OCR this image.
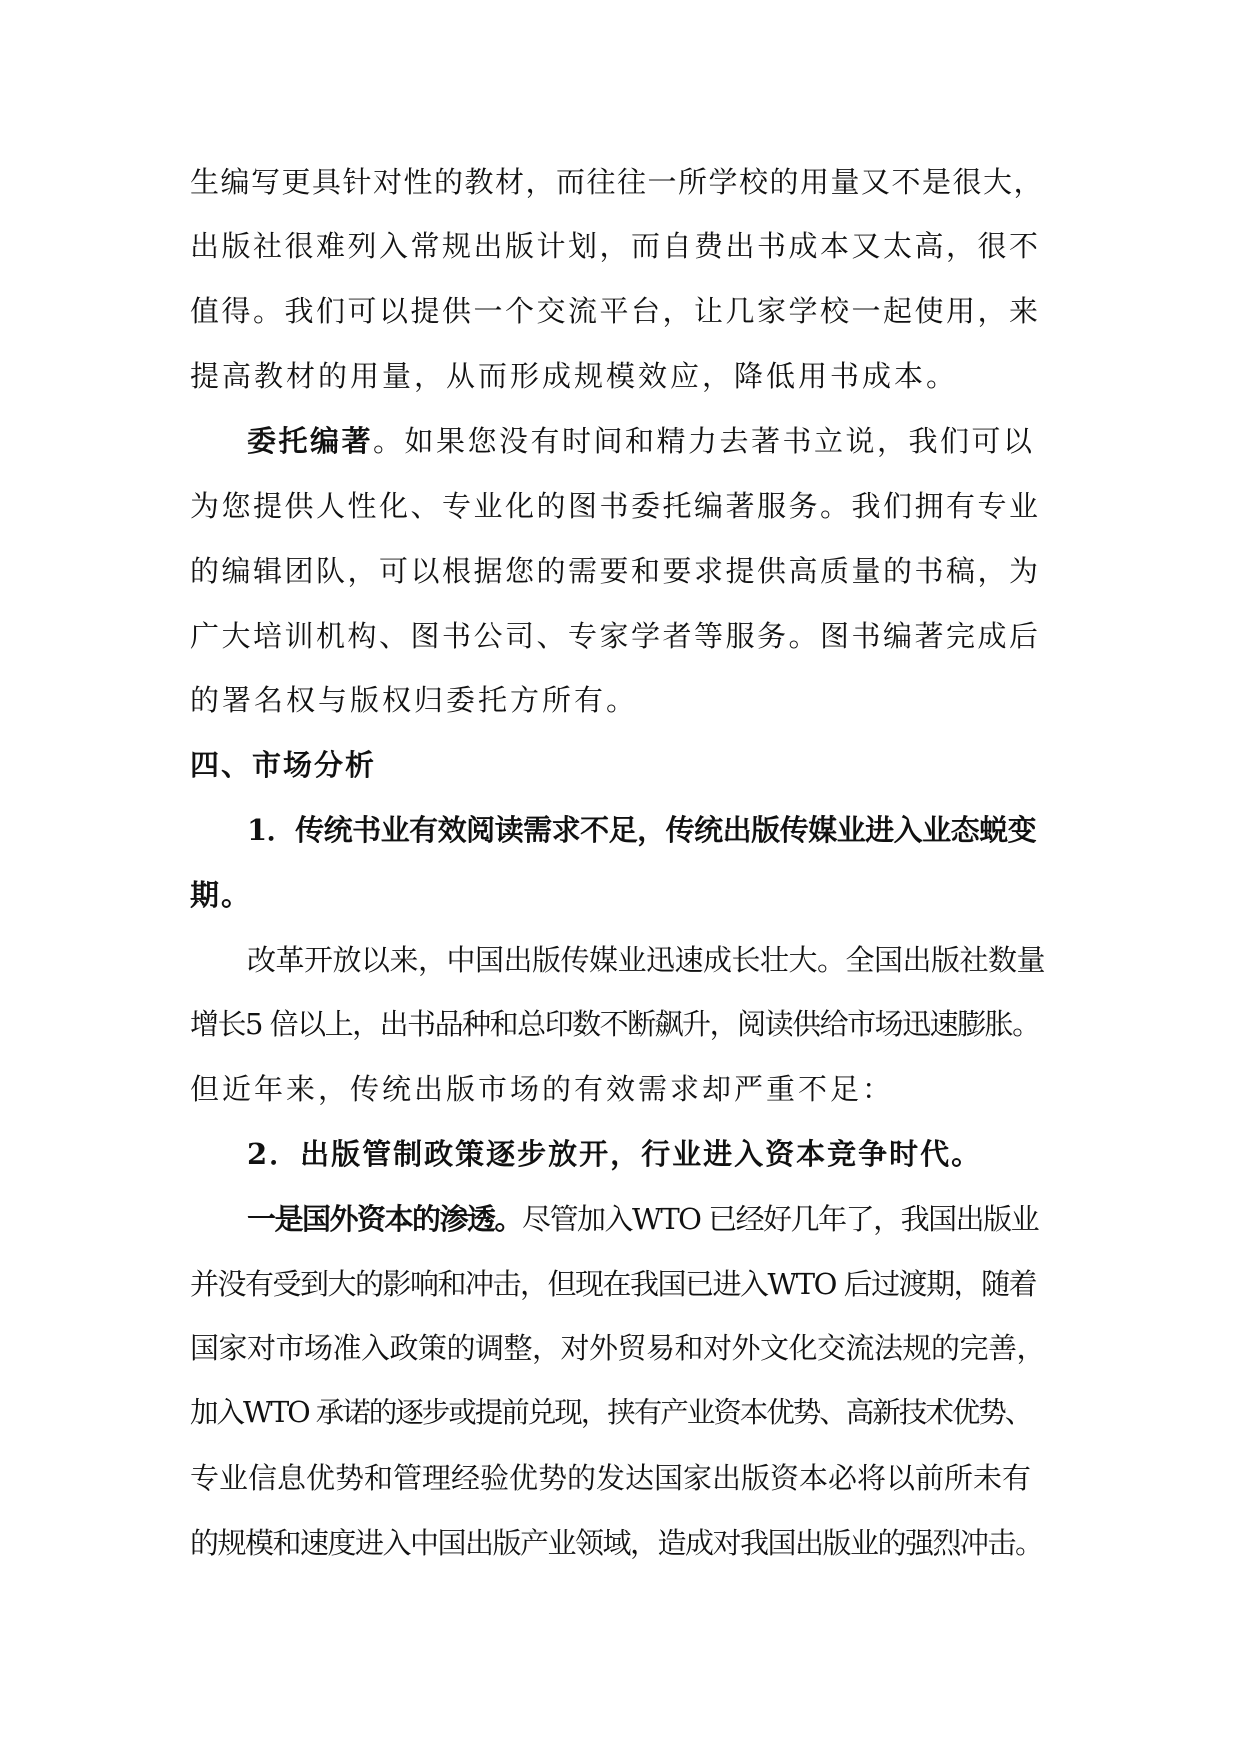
生编写更具针对性的教材，而往往一所学校的用量又不是很大，
出版社很难列入常规出版计划，而自费出书成本又太高，很不
值得。我们可以提供一个交流平台，让几家学校一起使用，来
提高教材的用量，从而形成规模效应，降低用书成本。
委托编著。如果您没有时间和精力去著书立说，我们可以
为您提供人性化、专业化的图书委托编著服务。我们拥有专业
的编辑团队，可以根据您的需要和要求提供高质量的书稿，为
广大培训机构、图书公司、专家学者等服务。图书编著完成后
的署名权与版权归委托方所有。
四、市场分析
1．传统书业有效阅读需求不足，传统出版传媒业进入业态蜕变
期。
改革开放以来，中国出版传媒业迅速成长壮大。全国出版社数量
增长5 倍以上，出书品种和总印数不断飙升，阅读供给市场迅速膨胀。
但近年来，传统出版市场的有效需求却严重不足：
2．出版管制政策逐步放开，行业进入资本竞争时代。
一是国外资本的渗透。尽管加入WTO 已经好几年了，我国出版业
并没有受到大的影响和冲击，但现在我国已进入WTO 后过渡期，随着
国家对市场准入政策的调整，对外贸易和对外文化交流法规的完善，
加入WTO 承诺的逐步或提前兑现，挟有产业资本优势、高新技术优势、
专业信息优势和管理经验优势的发达国家出版资本必将以前所未有
的规模和速度进入中国出版产业领域，造成对我国出版业的强烈冲击。
